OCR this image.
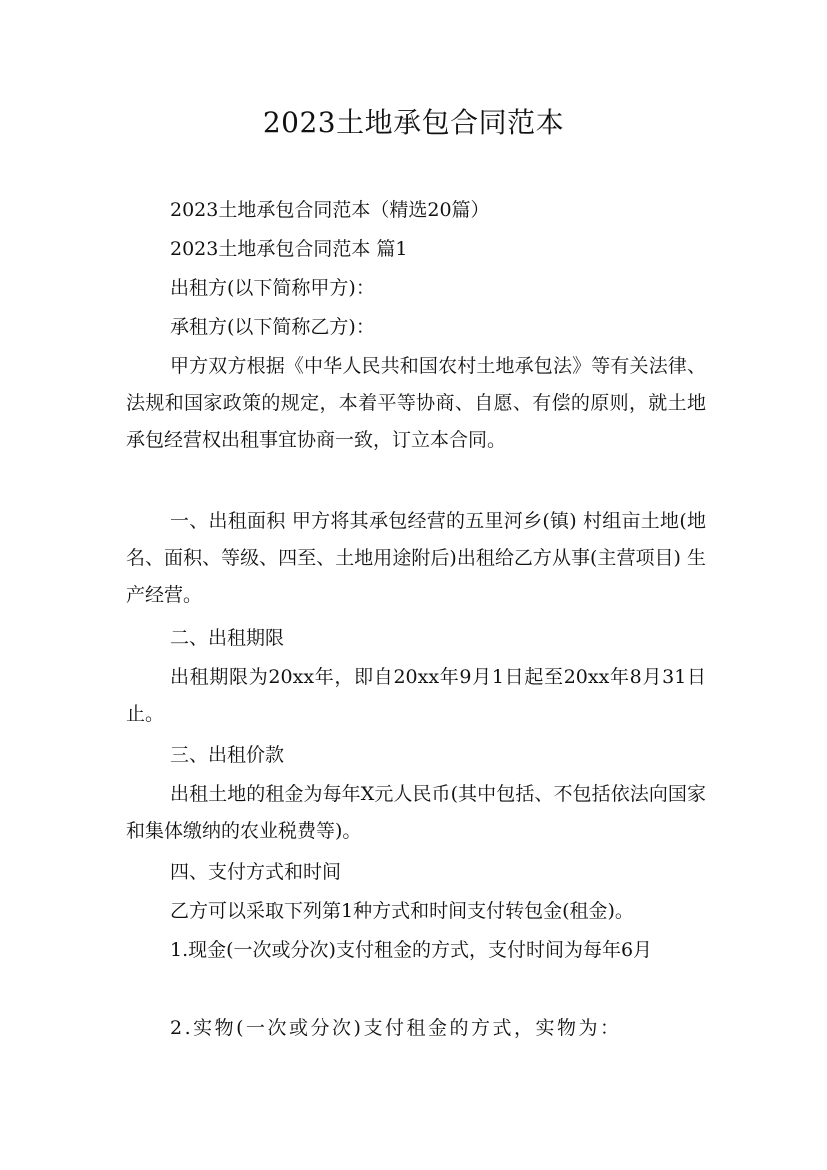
2023土地承包合同范本

2023土地承包合同范本（精选20篇）

2023土地承包合同范本 篇1

出租方(以下简称甲方)：

承租方(以下简称乙方)：

甲方双方根据《中华人民共和国农村土地承包法》等有关法律、法规和国家政策的规定，本着平等协商、自愿、有偿的原则，就土地承包经营权出租事宜协商一致，订立本合同。

一、出租面积 甲方将其承包经营的五里河乡(镇) 村组亩土地(地名、面积、等级、四至、土地用途附后)出租给乙方从事(主营项目) 生产经营。

二、出租期限

出租期限为20xx年，即自20xx年9月1日起至20xx年8月31日止。

三、出租价款

出租土地的租金为每年X元人民币(其中包括、不包括依法向国家和集体缴纳的农业税费等)。

四、支付方式和时间

乙方可以采取下列第1种方式和时间支付转包金(租金)。

1.现金(一次或分次)支付租金的方式，支付时间为每年6月

2.实物(一次或分次)支付租金的方式，实物为：
